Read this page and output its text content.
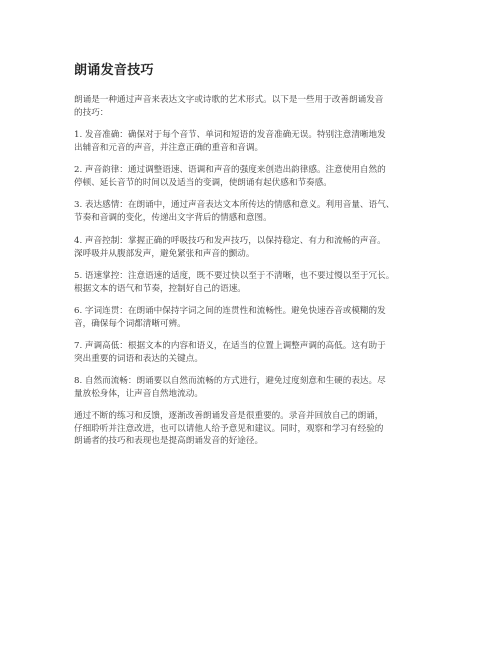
朗诵发音技巧
朗诵是一种通过声音来表达文字或诗歌的艺术形式。以下是一些用于改善朗诵发音
的技巧：
1. 发音准确：确保对于每个音节、单词和短语的发音准确无误。特别注意清晰地发
出辅音和元音的声音，并注意正确的重音和音调。
2. 声音韵律：通过调整语速、语调和声音的强度来创造出韵律感。注意使用自然的
停顿、延长音节的时间以及适当的变调，使朗诵有起伏感和节奏感。
3. 表达感情：在朗诵中，通过声音表达文本所传达的情感和意义。利用音量、语气、
节奏和音调的变化，传递出文字背后的情感和意图。
4. 声音控制：掌握正确的呼吸技巧和发声技巧，以保持稳定、有力和流畅的声音。
深呼吸并从腹部发声，避免紧张和声音的颤动。
5. 语速掌控：注意语速的适度，既不要过快以至于不清晰，也不要过慢以至于冗长。
根据文本的语气和节奏，控制好自己的语速。
6. 字词连贯：在朗诵中保持字词之间的连贯性和流畅性。避免快速吞音或模糊的发
音，确保每个词都清晰可辨。
7. 声调高低：根据文本的内容和语义，在适当的位置上调整声调的高低。这有助于
突出重要的词语和表达的关键点。
8. 自然而流畅：朗诵要以自然而流畅的方式进行，避免过度刻意和生硬的表达。尽
量放松身体，让声音自然地流动。
通过不断的练习和反馈，逐渐改善朗诵发音是很重要的。录音并回放自己的朗诵，
仔细聆听并注意改进，也可以请他人给予意见和建议。同时，观察和学习有经验的
朗诵者的技巧和表现也是提高朗诵发音的好途径。
